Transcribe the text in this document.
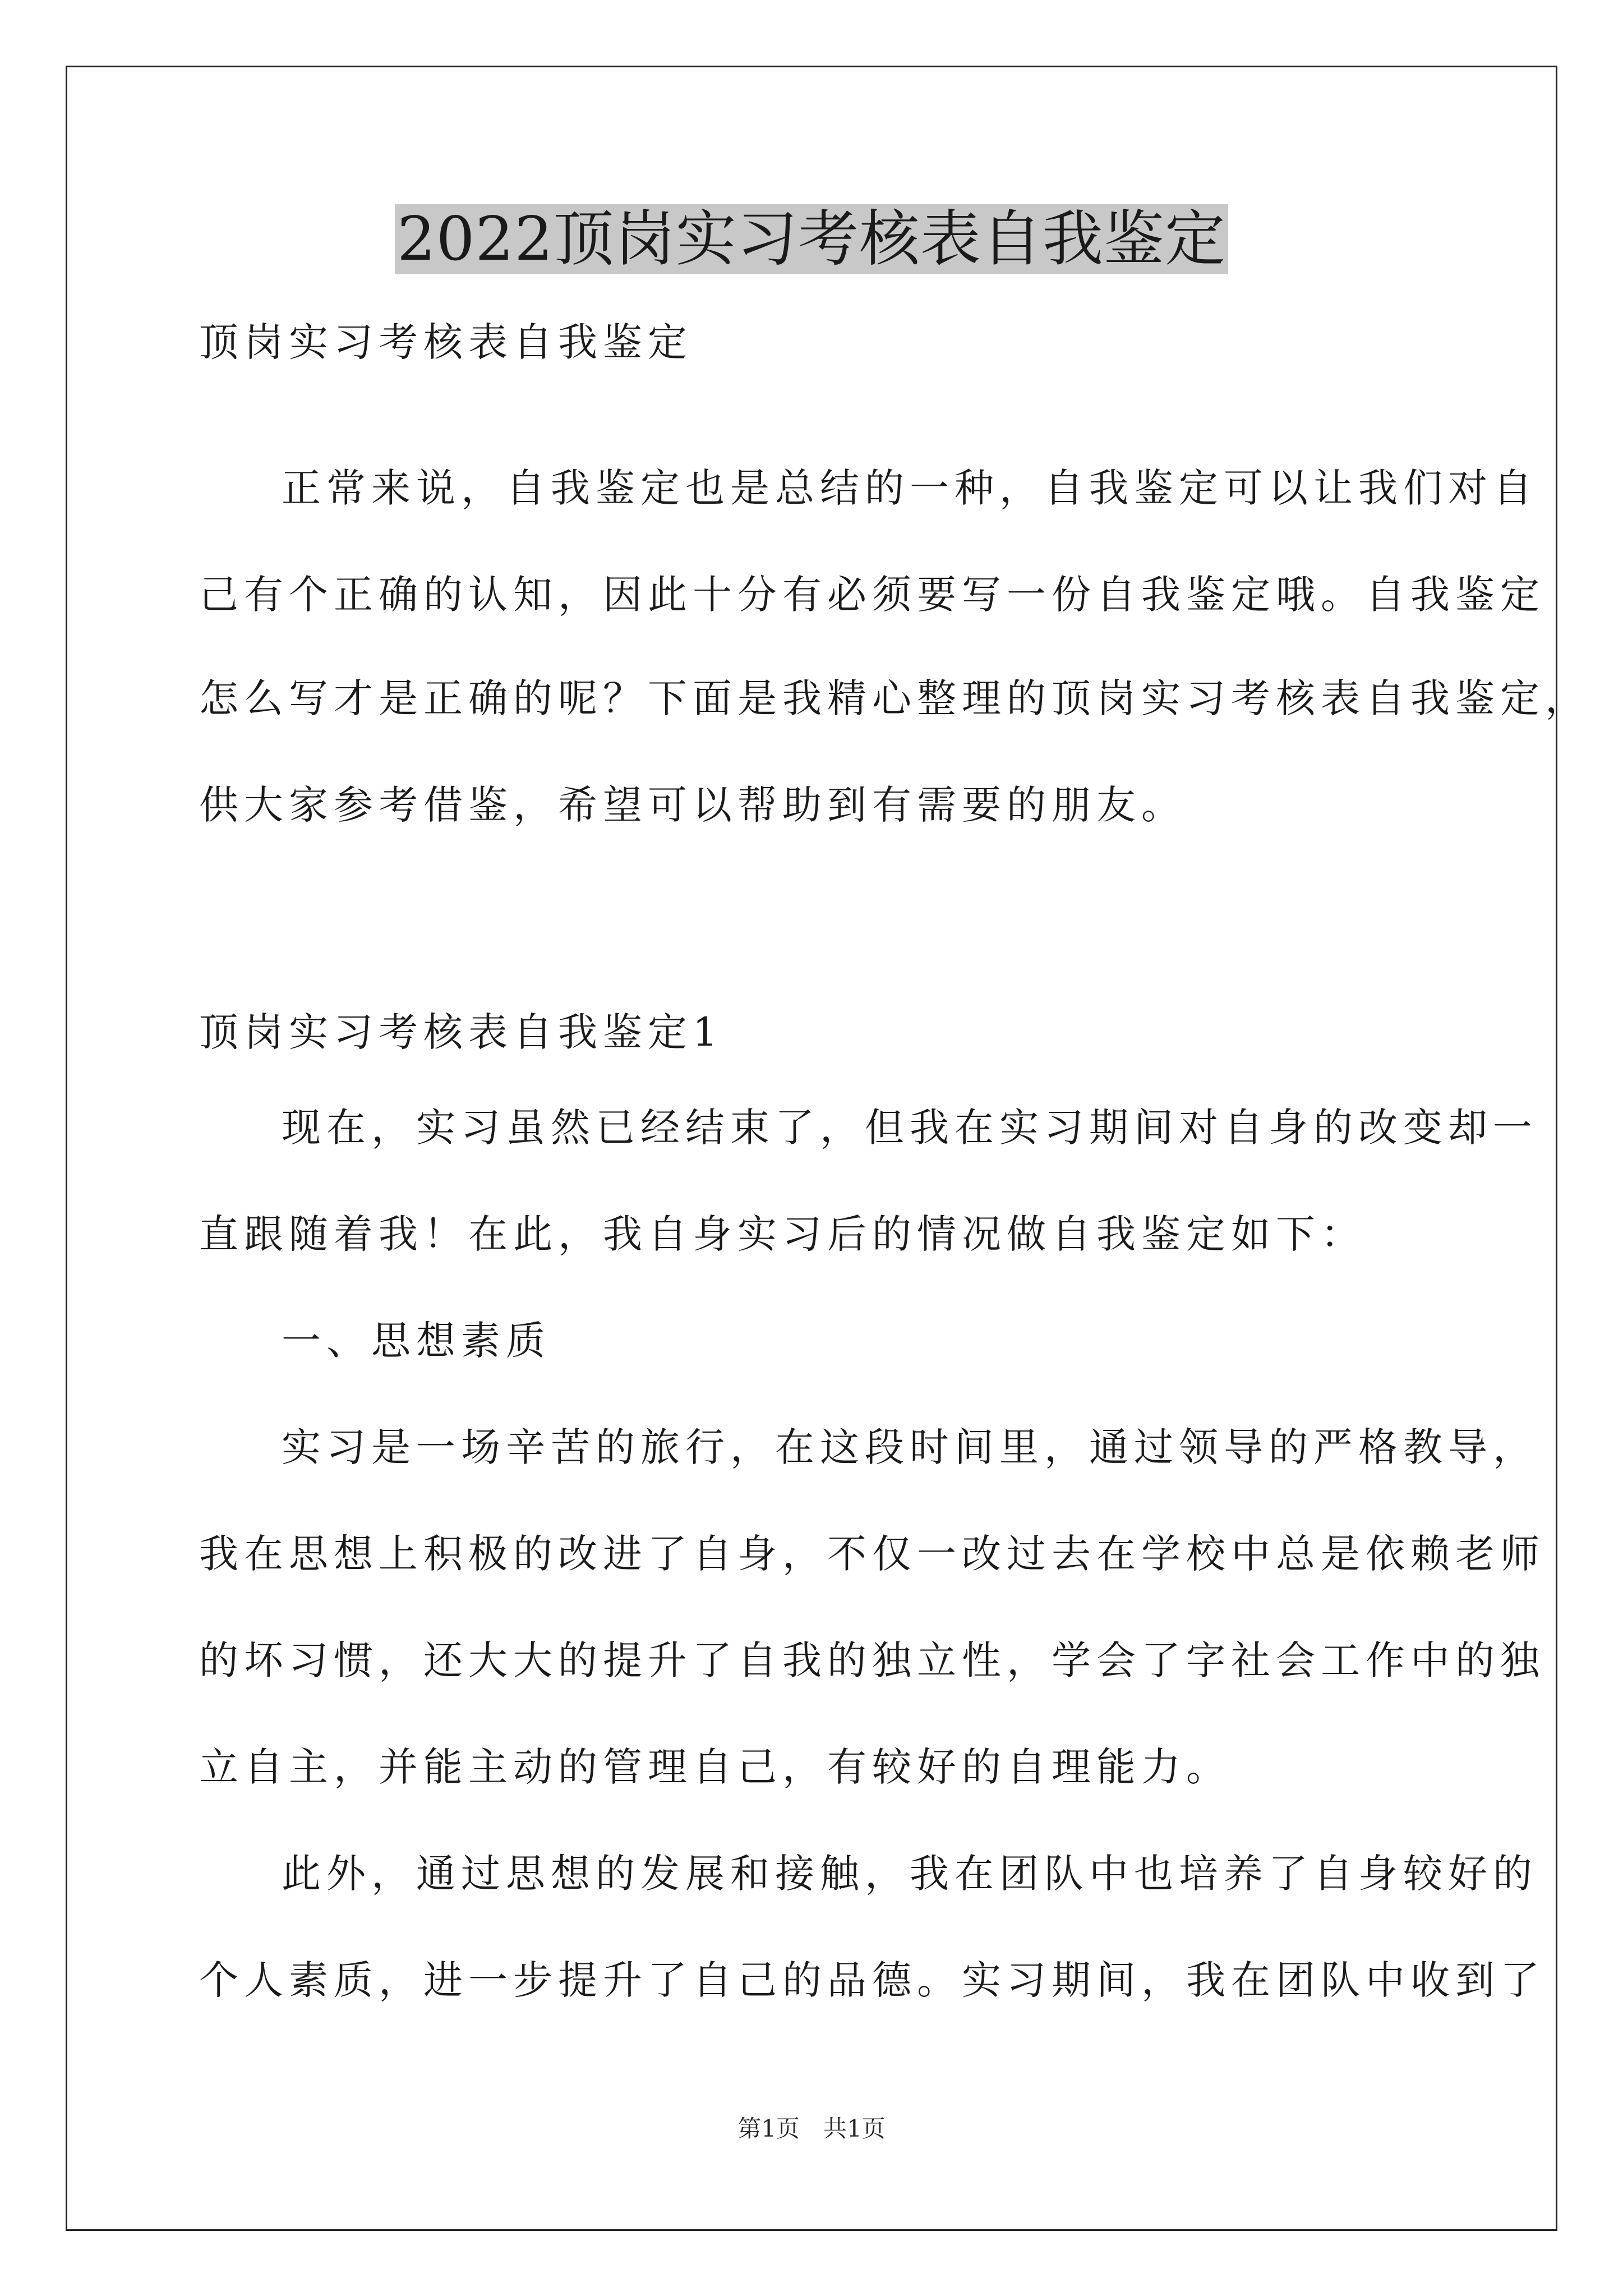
2022顶岗实习考核表自我鉴定
顶岗实习考核表自我鉴定
正常来说，自我鉴定也是总结的一种，自我鉴定可以让我们对自
己有个正确的认知，因此十分有必须要写一份自我鉴定哦。自我鉴定
怎么写才是正确的呢？下面是我精心整理的顶岗实习考核表自我鉴定，
供大家参考借鉴，希望可以帮助到有需要的朋友。
顶岗实习考核表自我鉴定1
现在，实习虽然已经结束了，但我在实习期间对自身的改变却一
直跟随着我！在此，我自身实习后的情况做自我鉴定如下：
一、思想素质
实习是一场辛苦的旅行，在这段时间里，通过领导的严格教导，
我在思想上积极的改进了自身，不仅一改过去在学校中总是依赖老师
的坏习惯，还大大的提升了自我的独立性，学会了字社会工作中的独
立自主，并能主动的管理自己，有较好的自理能力。
此外，通过思想的发展和接触，我在团队中也培养了自身较好的
个人素质，进一步提升了自己的品德。实习期间，我在团队中收到了
第1页　共1页
